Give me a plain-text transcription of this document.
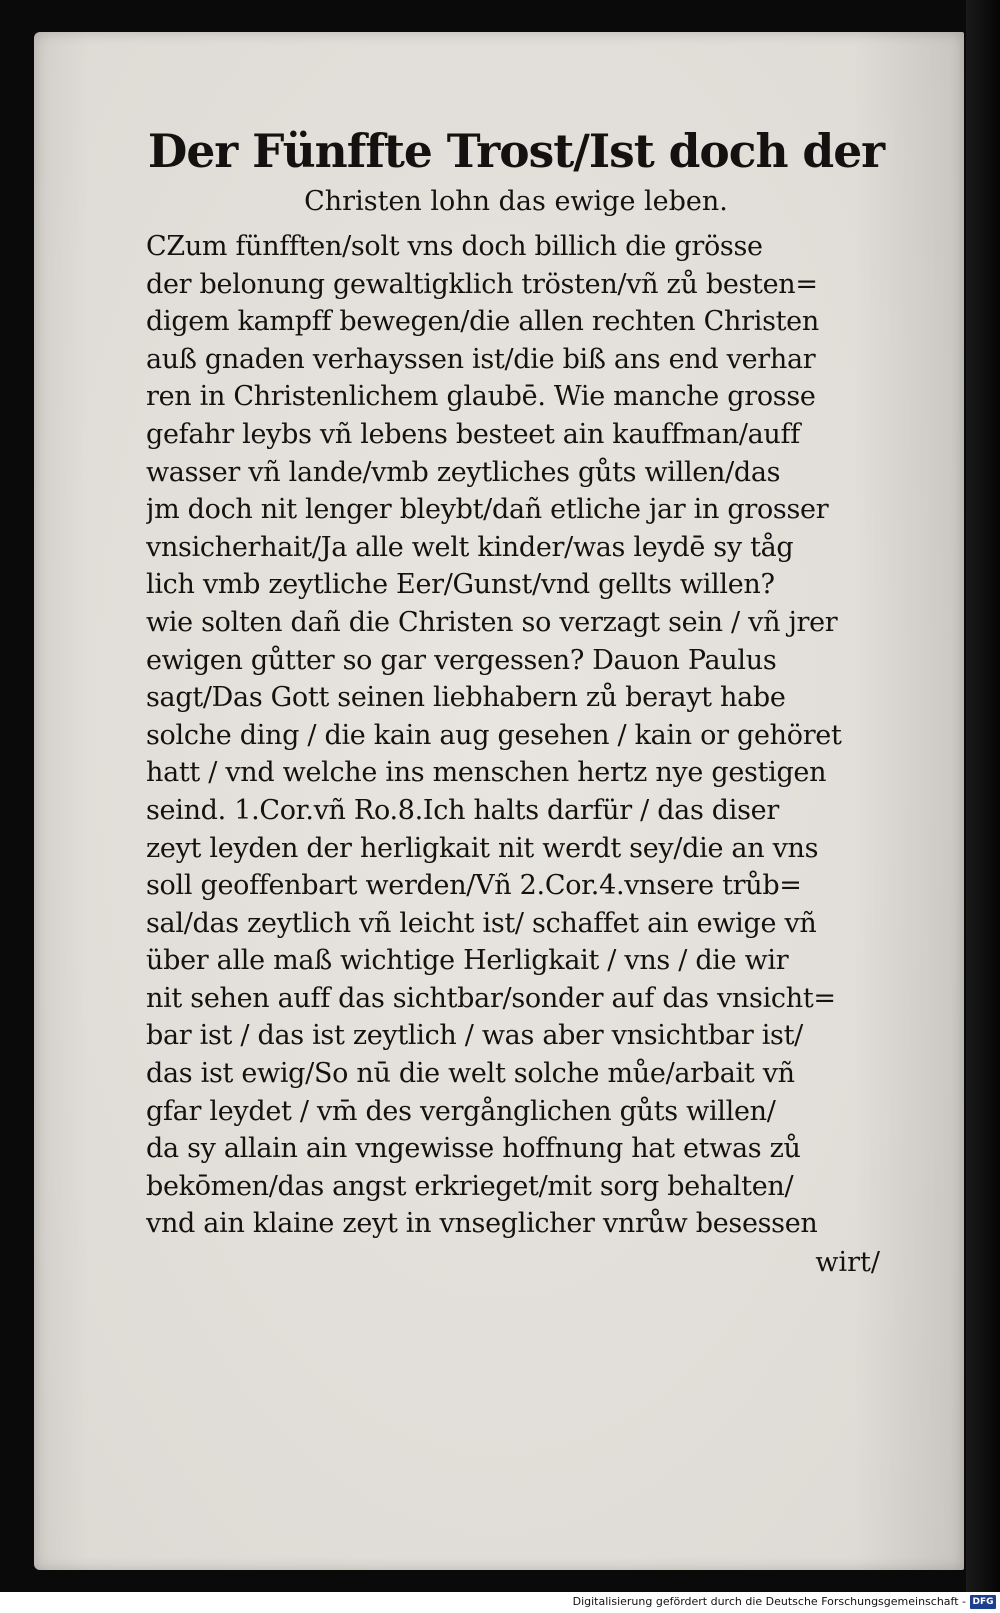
Der Fünffte Trost/Ist doch der
Christen lohn das ewige leben.
CZum fünfften/solt vns doch billich die grösse
der belonung gewaltigklich trösten/vñ zů besten=
digem kampff bewegen/die allen rechten Christen
auß gnaden verhayssen ist/die biß ans end verhar
ren in Christenlichem glaubē. Wie manche grosse
gefahr leybs vñ lebens besteet ain kauffman/auff
wasser vñ lande/vmb zeytliches gůts willen/das
jm doch nit lenger bleybt/dañ etliche jar in grosser
vnsicherhait/Ja alle welt kinder/was leydē sy tåg
lich vmb zeytliche Eer/Gunst/vnd gellts willen?
wie solten dañ die Christen so verzagt sein / vñ jrer
ewigen gůtter so gar vergessen? Dauon Paulus
sagt/Das Gott seinen liebhabern zů berayt habe
solche ding / die kain aug gesehen / kain or gehöret
hatt / vnd welche ins menschen hertz nye gestigen
seind. 1.Cor.vñ Ro.8.Ich halts darfür / das diser
zeyt leyden der herligkait nit werdt sey/die an vns
soll geoffenbart werden/Vñ 2.Cor.4.vnsere trůb=
sal/das zeytlich vñ leicht ist/ schaffet ain ewige vñ
über alle maß wichtige Herligkait / vns / die wir
nit sehen auff das sichtbar/sonder auf das vnsicht=
bar ist / das ist zeytlich / was aber vnsichtbar ist/
das ist ewig/So nū die welt solche můe/arbait vñ
gfar leydet / vm̄ des vergånglichen gůts willen/
da sy allain ain vngewisse hoffnung hat etwas zů
bekōmen/das angst erkrieget/mit sorg behalten/
vnd ain klaine zeyt in vnseglicher vnrůw besessen
wirt/
Digitalisierung gefördert durch die Deutsche Forschungsgemeinschaft - DFG
